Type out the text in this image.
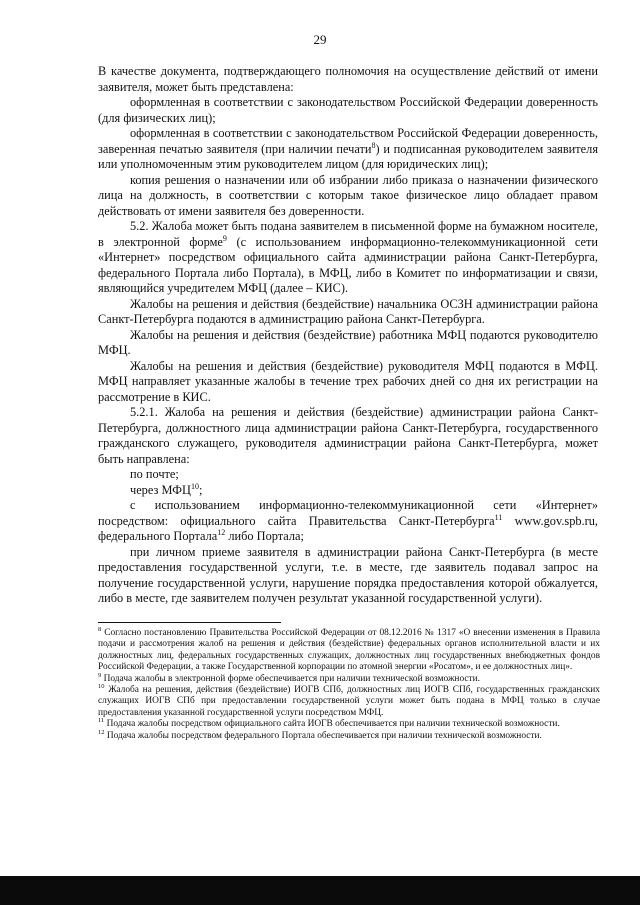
29

В качестве документа, подтверждающего полномочия на осуществление действий от имени заявителя, может быть представлена:

оформленная в соответствии с законодательством Российской Федерации доверенность (для физических лиц);

оформленная в соответствии с законодательством Российской Федерации доверенность, заверенная печатью заявителя (при наличии печати$^8$) и подписанная руководителем заявителя или уполномоченным этим руководителем лицом (для юридических лиц);

копия решения о назначении или об избрании либо приказа о назначении физического лица на должность, в соответствии с которым такое физическое лицо обладает правом действовать от имени заявителя без доверенности.

5.2. Жалоба может быть подана заявителем в письменной форме на бумажном носителе, в электронной форме$^9$ (с использованием информационно-телекоммуникационной сети «Интернет» посредством официального сайта администрации района Санкт-Петербурга, федерального Портала либо Портала), в МФЦ, либо в Комитет по информатизации и связи, являющийся учредителем МФЦ (далее – КИС).

Жалобы на решения и действия (бездействие) начальника ОСЗН администрации района Санкт-Петербурга подаются в администрацию района Санкт-Петербурга.

Жалобы на решения и действия (бездействие) работника МФЦ подаются руководителю МФЦ.

Жалобы на решения и действия (бездействие) руководителя МФЦ подаются в МФЦ. МФЦ направляет указанные жалобы в течение трех рабочих дней со дня их регистрации на рассмотрение в КИС.

5.2.1. Жалоба на решения и действия (бездействие) администрации района Санкт-Петербурга, должностного лица администрации района Санкт-Петербурга, государственного гражданского служащего, руководителя администрации района Санкт-Петербурга, может быть направлена:

по почте;

через МФЦ$^{10}$;

с использованием информационно-телекоммуникационной сети «Интернет» посредством: официального сайта Правительства Санкт-Петербурга$^{11}$ www.gov.spb.ru, федерального Портала$^{12}$ либо Портала;

при личном приеме заявителя в администрации района Санкт-Петербурга (в месте предоставления государственной услуги, т.е. в месте, где заявитель подавал запрос на получение государственной услуги, нарушение порядка предоставления которой обжалуется, либо в месте, где заявителем получен результат указанной государственной услуги).

$^8$ Согласно постановлению Правительства Российской Федерации от 08.12.2016 № 1317 «О внесении изменения в Правила подачи и рассмотрения жалоб на решения и действия (бездействие) федеральных органов исполнительной власти и их должностных лиц, федеральных государственных служащих, должностных лиц государственных внебюджетных фондов Российской Федерации, а также Государственной корпорации по атомной энергии «Росатом», и ее должностных лиц».

$^9$ Подача жалобы в электронной форме обеспечивается при наличии технической возможности.

$^{10}$ Жалоба на решения, действия (бездействие) ИОГВ СПб, должностных лиц ИОГВ СПб, государственных гражданских служащих ИОГВ СПб при предоставлении государственной услуги может быть подана в МФЦ только в случае предоставления указанной государственной услуги посредством МФЦ.

$^{11}$ Подача жалобы посредством официального сайта ИОГВ обеспечивается при наличии технической возможности.

$^{12}$ Подача жалобы посредством федерального Портала обеспечивается при наличии технической возможности.
